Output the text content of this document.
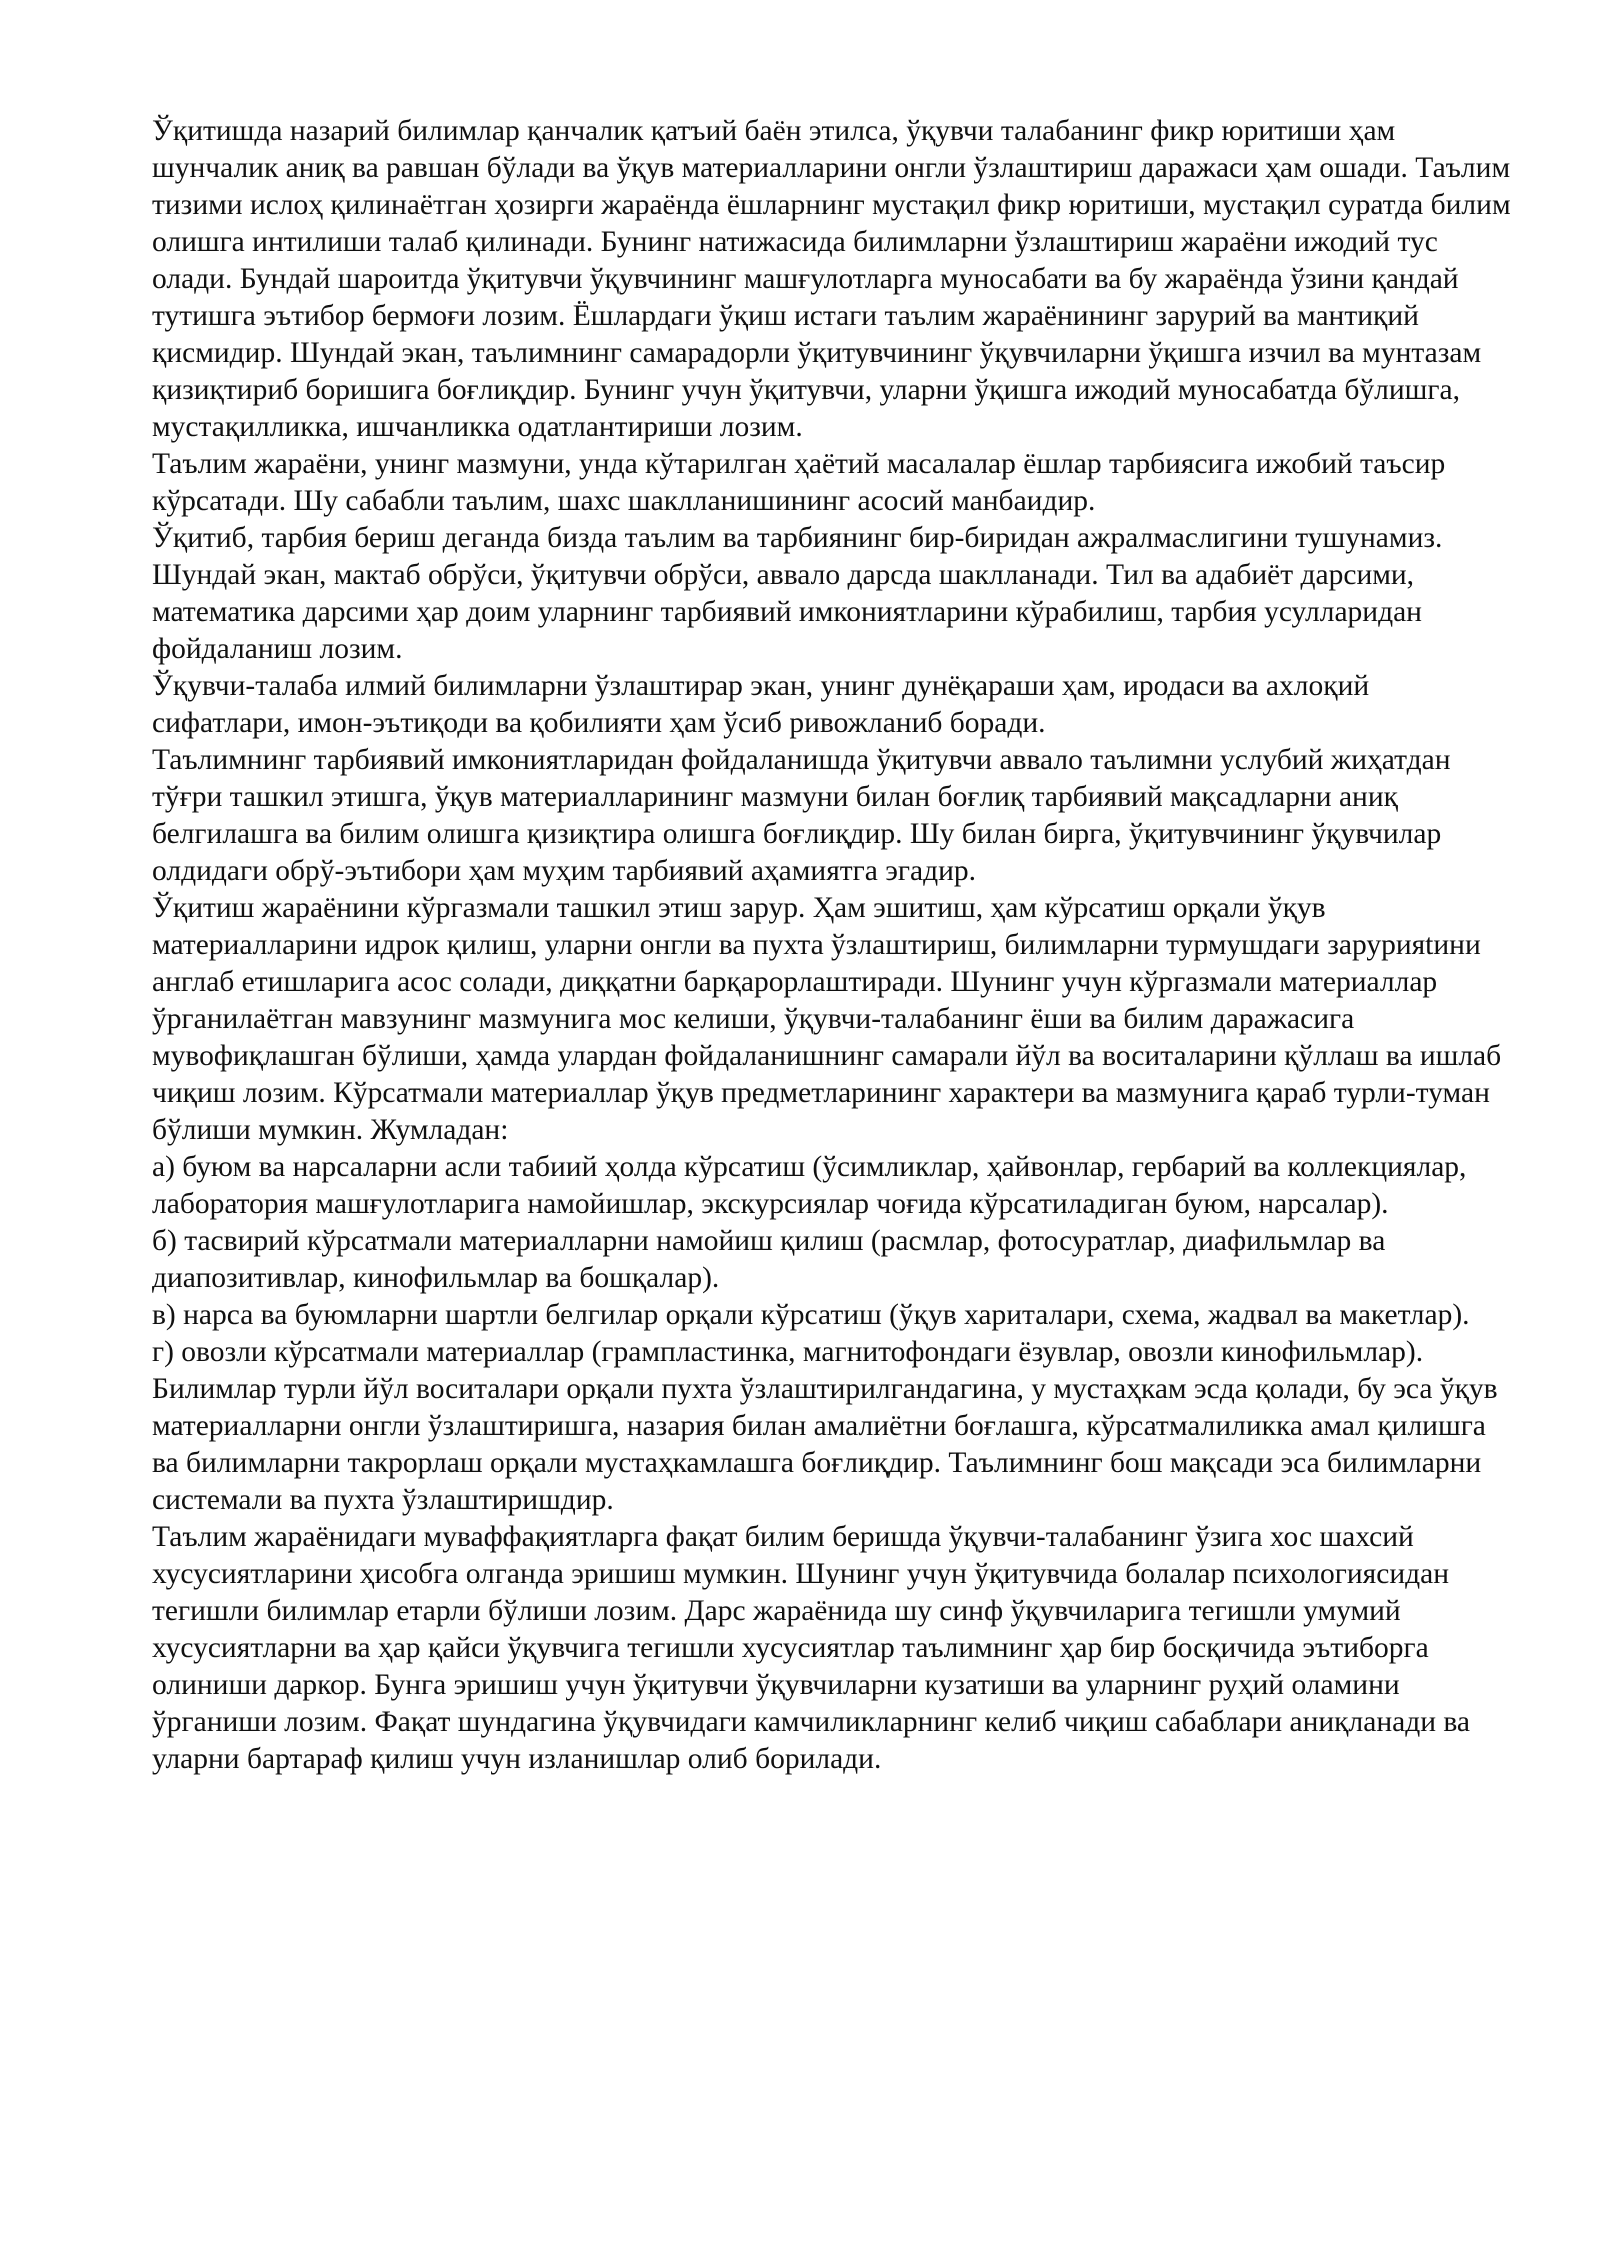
Ўқитишда назарий билимлар қанчалик қатъий баён этилса, ўқувчи талабанинг фикр юритиши ҳам шунчалик аниқ ва равшан бўлади ва ўқув материалларини онгли ўзлаштириш даражаси ҳам ошади. Таълим тизими ислоҳ қилинаётган ҳозирги жараёнда ёшларнинг мустақил фикр юритиши, мустақил суратда билим олишга интилиши талаб қилинади. Бунинг натижасида билимларни ўзлаштириш жараёни ижодий тус олади. Бундай шароитда ўқитувчи ўқувчининг машғулотларга муносабати ва бу жараёнда ўзини қандай тутишга эътибор бермоғи лозим. Ёшлардаги ўқиш истаги таълим жараёнининг зарурий ва мантиқий қисмидир. Шундай экан, таълимнинг самарадорли ўқитувчининг ўқувчиларни ўқишга изчил ва мунтазам қизиқтириб боришига боғлиқдир. Бунинг учун ўқитувчи, уларни ўқишга ижодий муносабатда бўлишга, мустақилликка, ишчанликка одатлантириши лозим.

Таълим жараёни, унинг мазмуни, унда кўтарилган ҳаётий масалалар ёшлар тарбиясига ижобий таъсир кўрсатади. Шу сабабли таълим, шахс шаклланишининг асосий манбаидир.

Ўқитиб, тарбия бериш деганда бизда таълим ва тарбиянинг бир-биридан ажралмаслигини тушунамиз. Шундай экан, мактаб обрўси, ўқитувчи обрўси, аввало дарсда шаклланади. Тил ва адабиёт дарсими, математика дарсими ҳар доим уларнинг тарбиявий имкониятларини кўрабилиш, тарбия усулларидан фойдаланиш лозим.

Ўқувчи-талаба илмий билимларни ўзлаштирар экан, унинг дунёқараши ҳам, иродаси ва ахлоқий сифатлари, имон-эътиқоди ва қобилияти ҳам ўсиб ривожланиб боради.

Таълимнинг тарбиявий имкониятларидан фойдаланишда ўқитувчи аввало таълимни услубий жиҳатдан тўғри ташкил этишга, ўқув материалларининг мазмуни билан боғлиқ тарбиявий мақсадларни аниқ белгилашга ва билим олишга қизиқтира олишга боғлиқдир. Шу билан бирга, ўқитувчининг ўқувчилар олдидаги обрў-эътибори ҳам муҳим тарбиявий аҳамиятга эгадир.

Ўқитиш жараёнини кўргазмали ташкил этиш зарур. Ҳам эшитиш, ҳам кўрсатиш орқали ўқув материалларини идрок қилиш, уларни онгли ва пухта ўзлаштириш, билимларни турмушдаги зарурияtини англаб етишларига асос солади, диққатни барқарорлаштиради. Шунинг учун кўргазмали материаллар ўрганилаётган мавзунинг мазмунига мос келиши, ўқувчи-талабанинг ёши ва билим даражасига мувофиқлашган бўлиши, ҳамда улардан фойдаланишнинг самарали йўл ва воситаларини қўллаш ва ишлаб чиқиш лозим. Кўрсатмали материаллар ўқув предметларининг характери ва мазмунига қараб турли-туман бўлиши мумкин. Жумладан:

а) буюм ва нарсаларни асли табиий ҳолда кўрсатиш (ўсимликлар, ҳайвонлар, гербарий ва коллекциялар, лаборатория машғулотларига намойишлар, экскурсиялар чоғида кўрсатиладиган буюм, нарсалар).

б) тасвирий кўрсатмали материалларни намойиш қилиш (расмлар, фотосуратлар, диафильмлар ва диапозитивлар, кинофильмлар ва бошқалар).

в) нарса ва буюмларни шартли белгилар орқали кўрсатиш (ўқув хариталари, схема, жадвал ва макетлар).

г) овозли кўрсатмали материаллар (грампластинка, магнитофондаги ёзувлар, овозли кинофильмлар).

Билимлар турли йўл воситалари орқали пухта ўзлаштирилгандагина, у мустаҳкам эсда қолади, бу эса ўқув материалларни онгли ўзлаштиришга, назария билан амалиётни боғлашга, кўрсатмалиликка амал қилишга ва билимларни такрорлаш орқали мустаҳкамлашга боғлиқдир. Таълимнинг бош мақсади эса билимларни системали ва пухта ўзлаштиришдир.

Таълим жараёнидаги муваффақиятларга фақат билим беришда ўқувчи-талабанинг ўзига хос шахсий хусусиятларини ҳисобга олганда эришиш мумкин. Шунинг учун ўқитувчида болалар психологиясидан тегишли билимлар етарли бўлиши лозим. Дарс жараёнида шу синф ўқувчиларига тегишли умумий хусусиятларни ва ҳар қайси ўқувчига тегишли хусусиятлар таълимнинг ҳар бир босқичида эътиборга олиниши даркор. Бунга эришиш учун ўқитувчи ўқувчиларни кузатиши ва уларнинг руҳий оламини ўрганиши лозим. Фақат шундагина ўқувчидаги камчиликларнинг келиб чиқиш сабаблари аниқланади ва уларни бартараф қилиш учун изланишлар олиб борилади.
